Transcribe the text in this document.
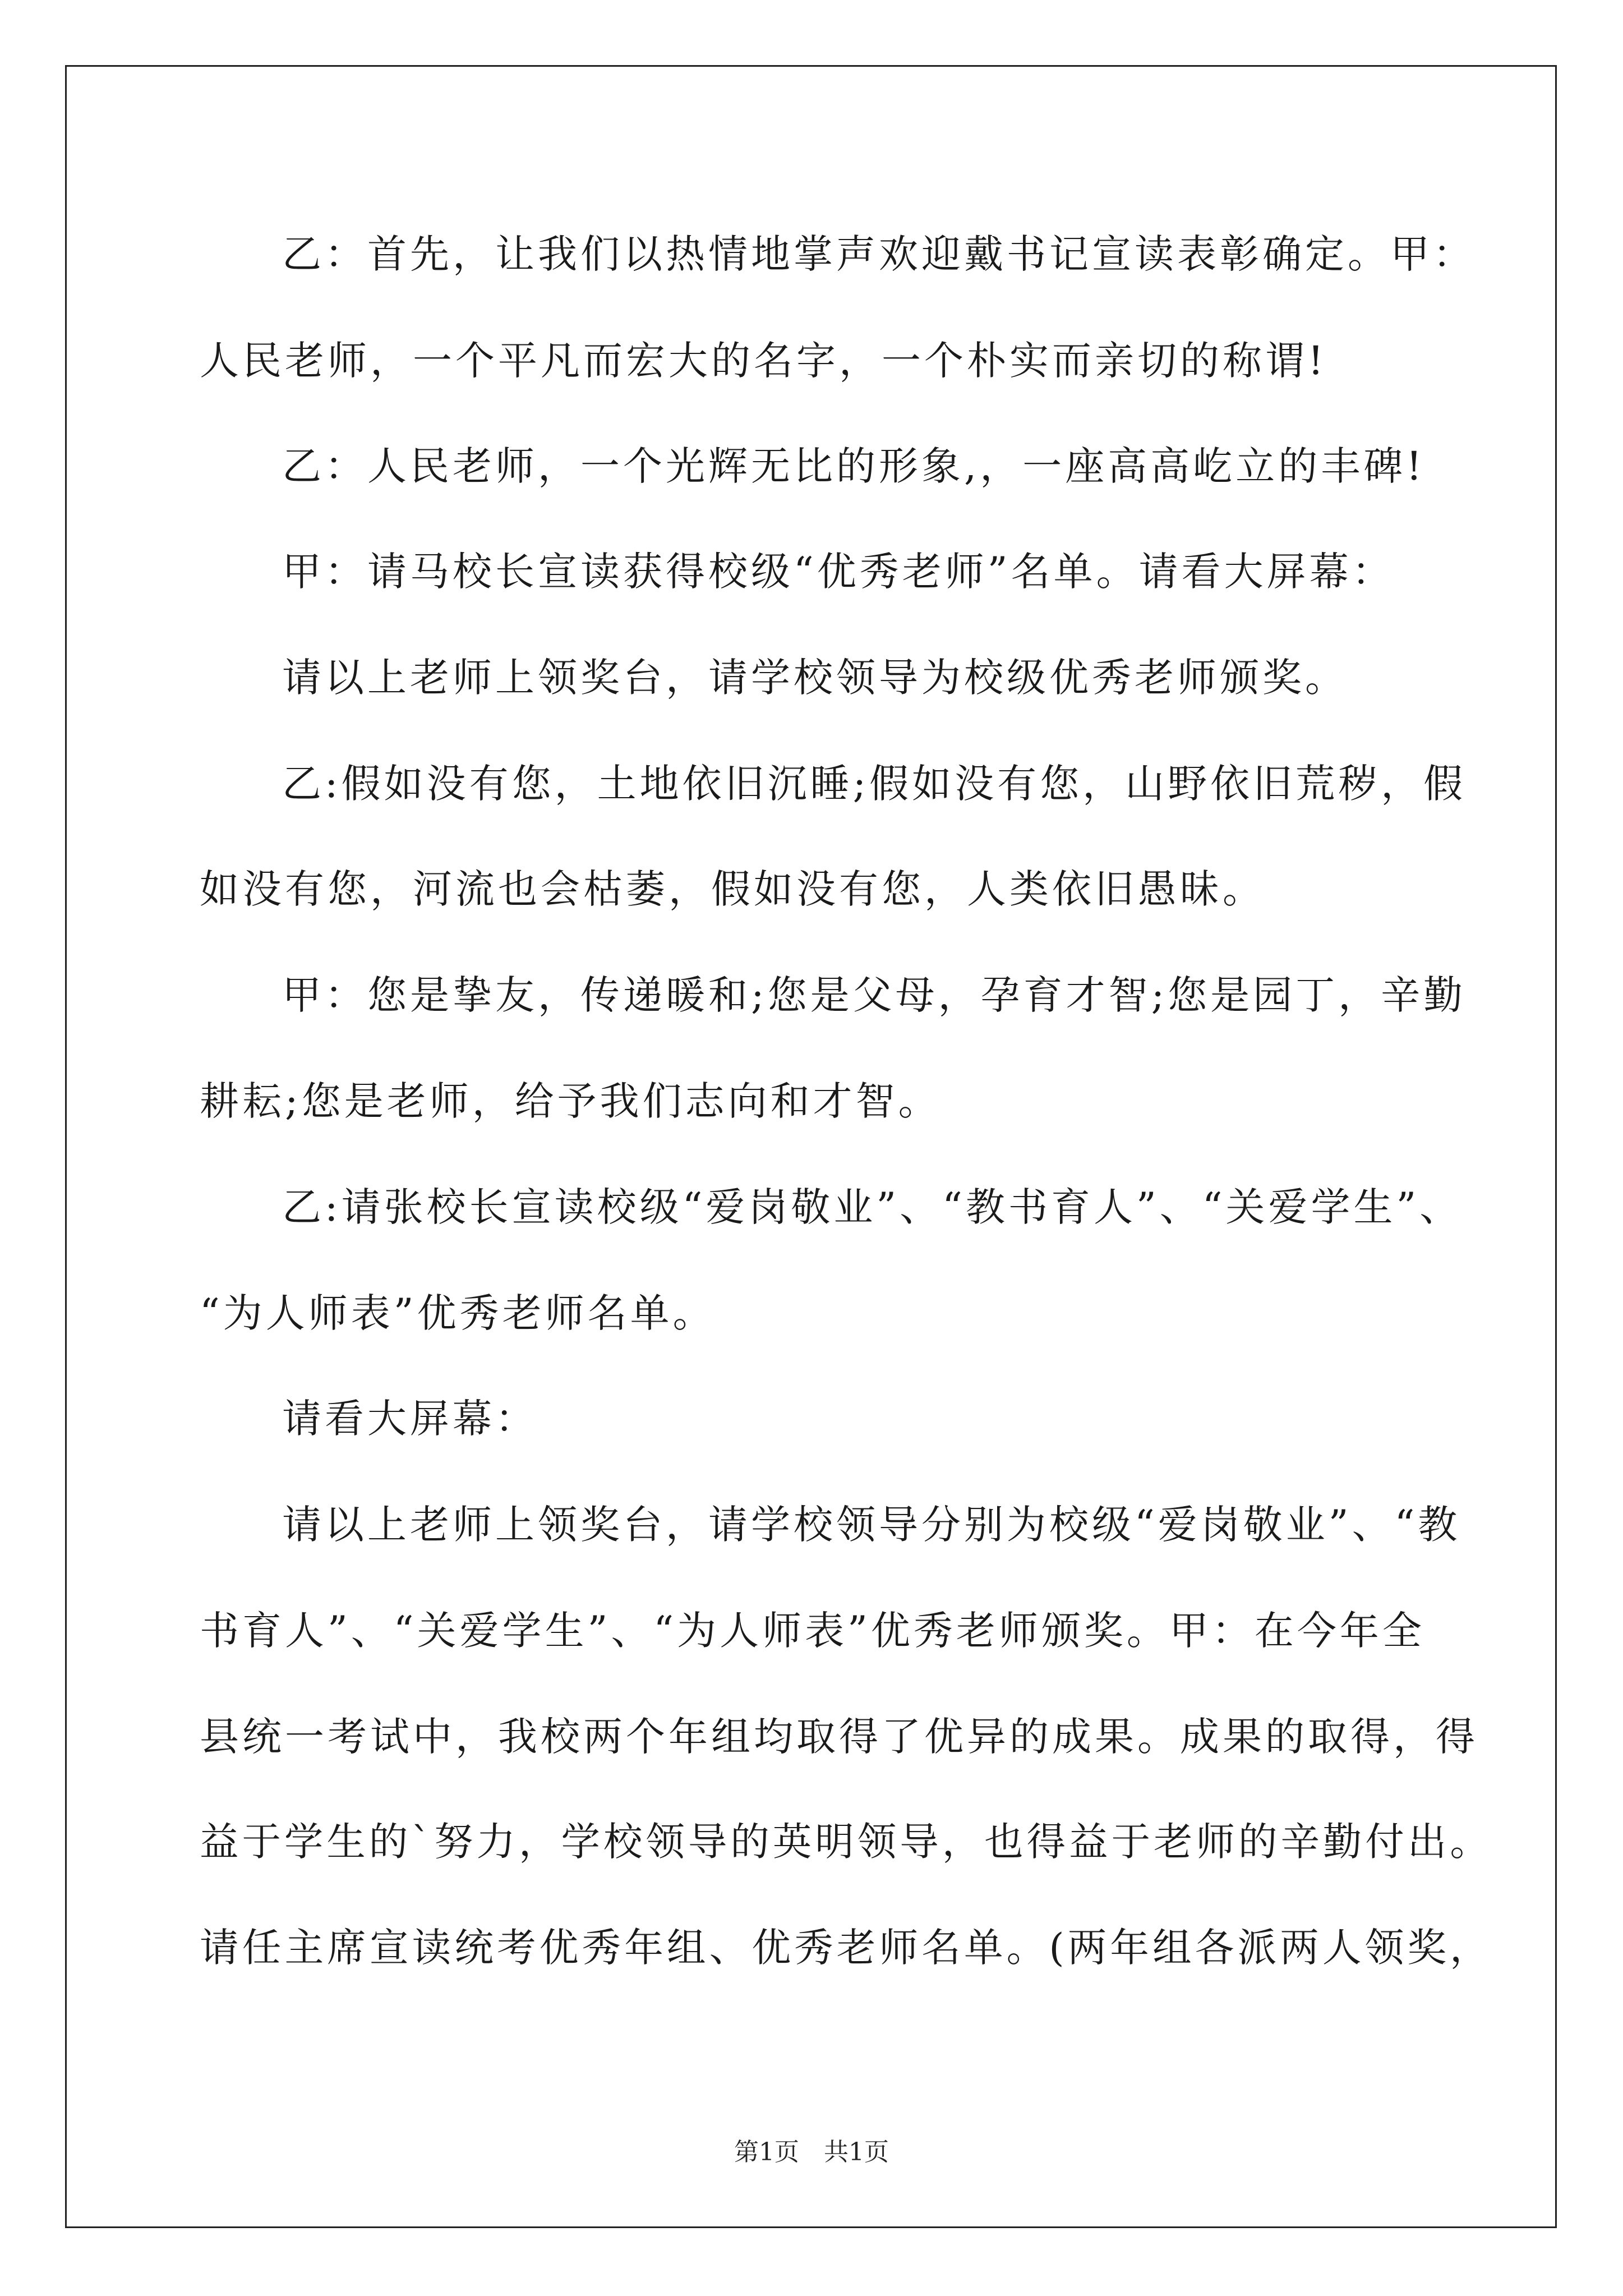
乙：首先，让我们以热情地掌声欢迎戴书记宣读表彰确定。甲：
人民老师，一个平凡而宏大的名字，一个朴实而亲切的称谓!
乙：人民老师，一个光辉无比的形象,，一座高高屹立的丰碑!
甲：请马校长宣读获得校级“优秀老师”名单。请看大屏幕：
请以上老师上领奖台，请学校领导为校级优秀老师颁奖。
乙:假如没有您，土地依旧沉睡;假如没有您，山野依旧荒秽，假
如没有您，河流也会枯萎，假如没有您，人类依旧愚昧。
甲：您是挚友，传递暖和;您是父母，孕育才智;您是园丁，辛勤
耕耘;您是老师，给予我们志向和才智。
乙:请张校长宣读校级“爱岗敬业”、“教书育人”、“关爱学生”、
“为人师表”优秀老师名单。
请看大屏幕：
请以上老师上领奖台，请学校领导分别为校级“爱岗敬业”、“教
书育人”、“关爱学生”、“为人师表”优秀老师颁奖。甲：在今年全
县统一考试中，我校两个年组均取得了优异的成果。成果的取得，得
益于学生的`努力，学校领导的英明领导，也得益于老师的辛勤付出。
请任主席宣读统考优秀年组、优秀老师名单。(两年组各派两人领奖，
第1页　共1页
